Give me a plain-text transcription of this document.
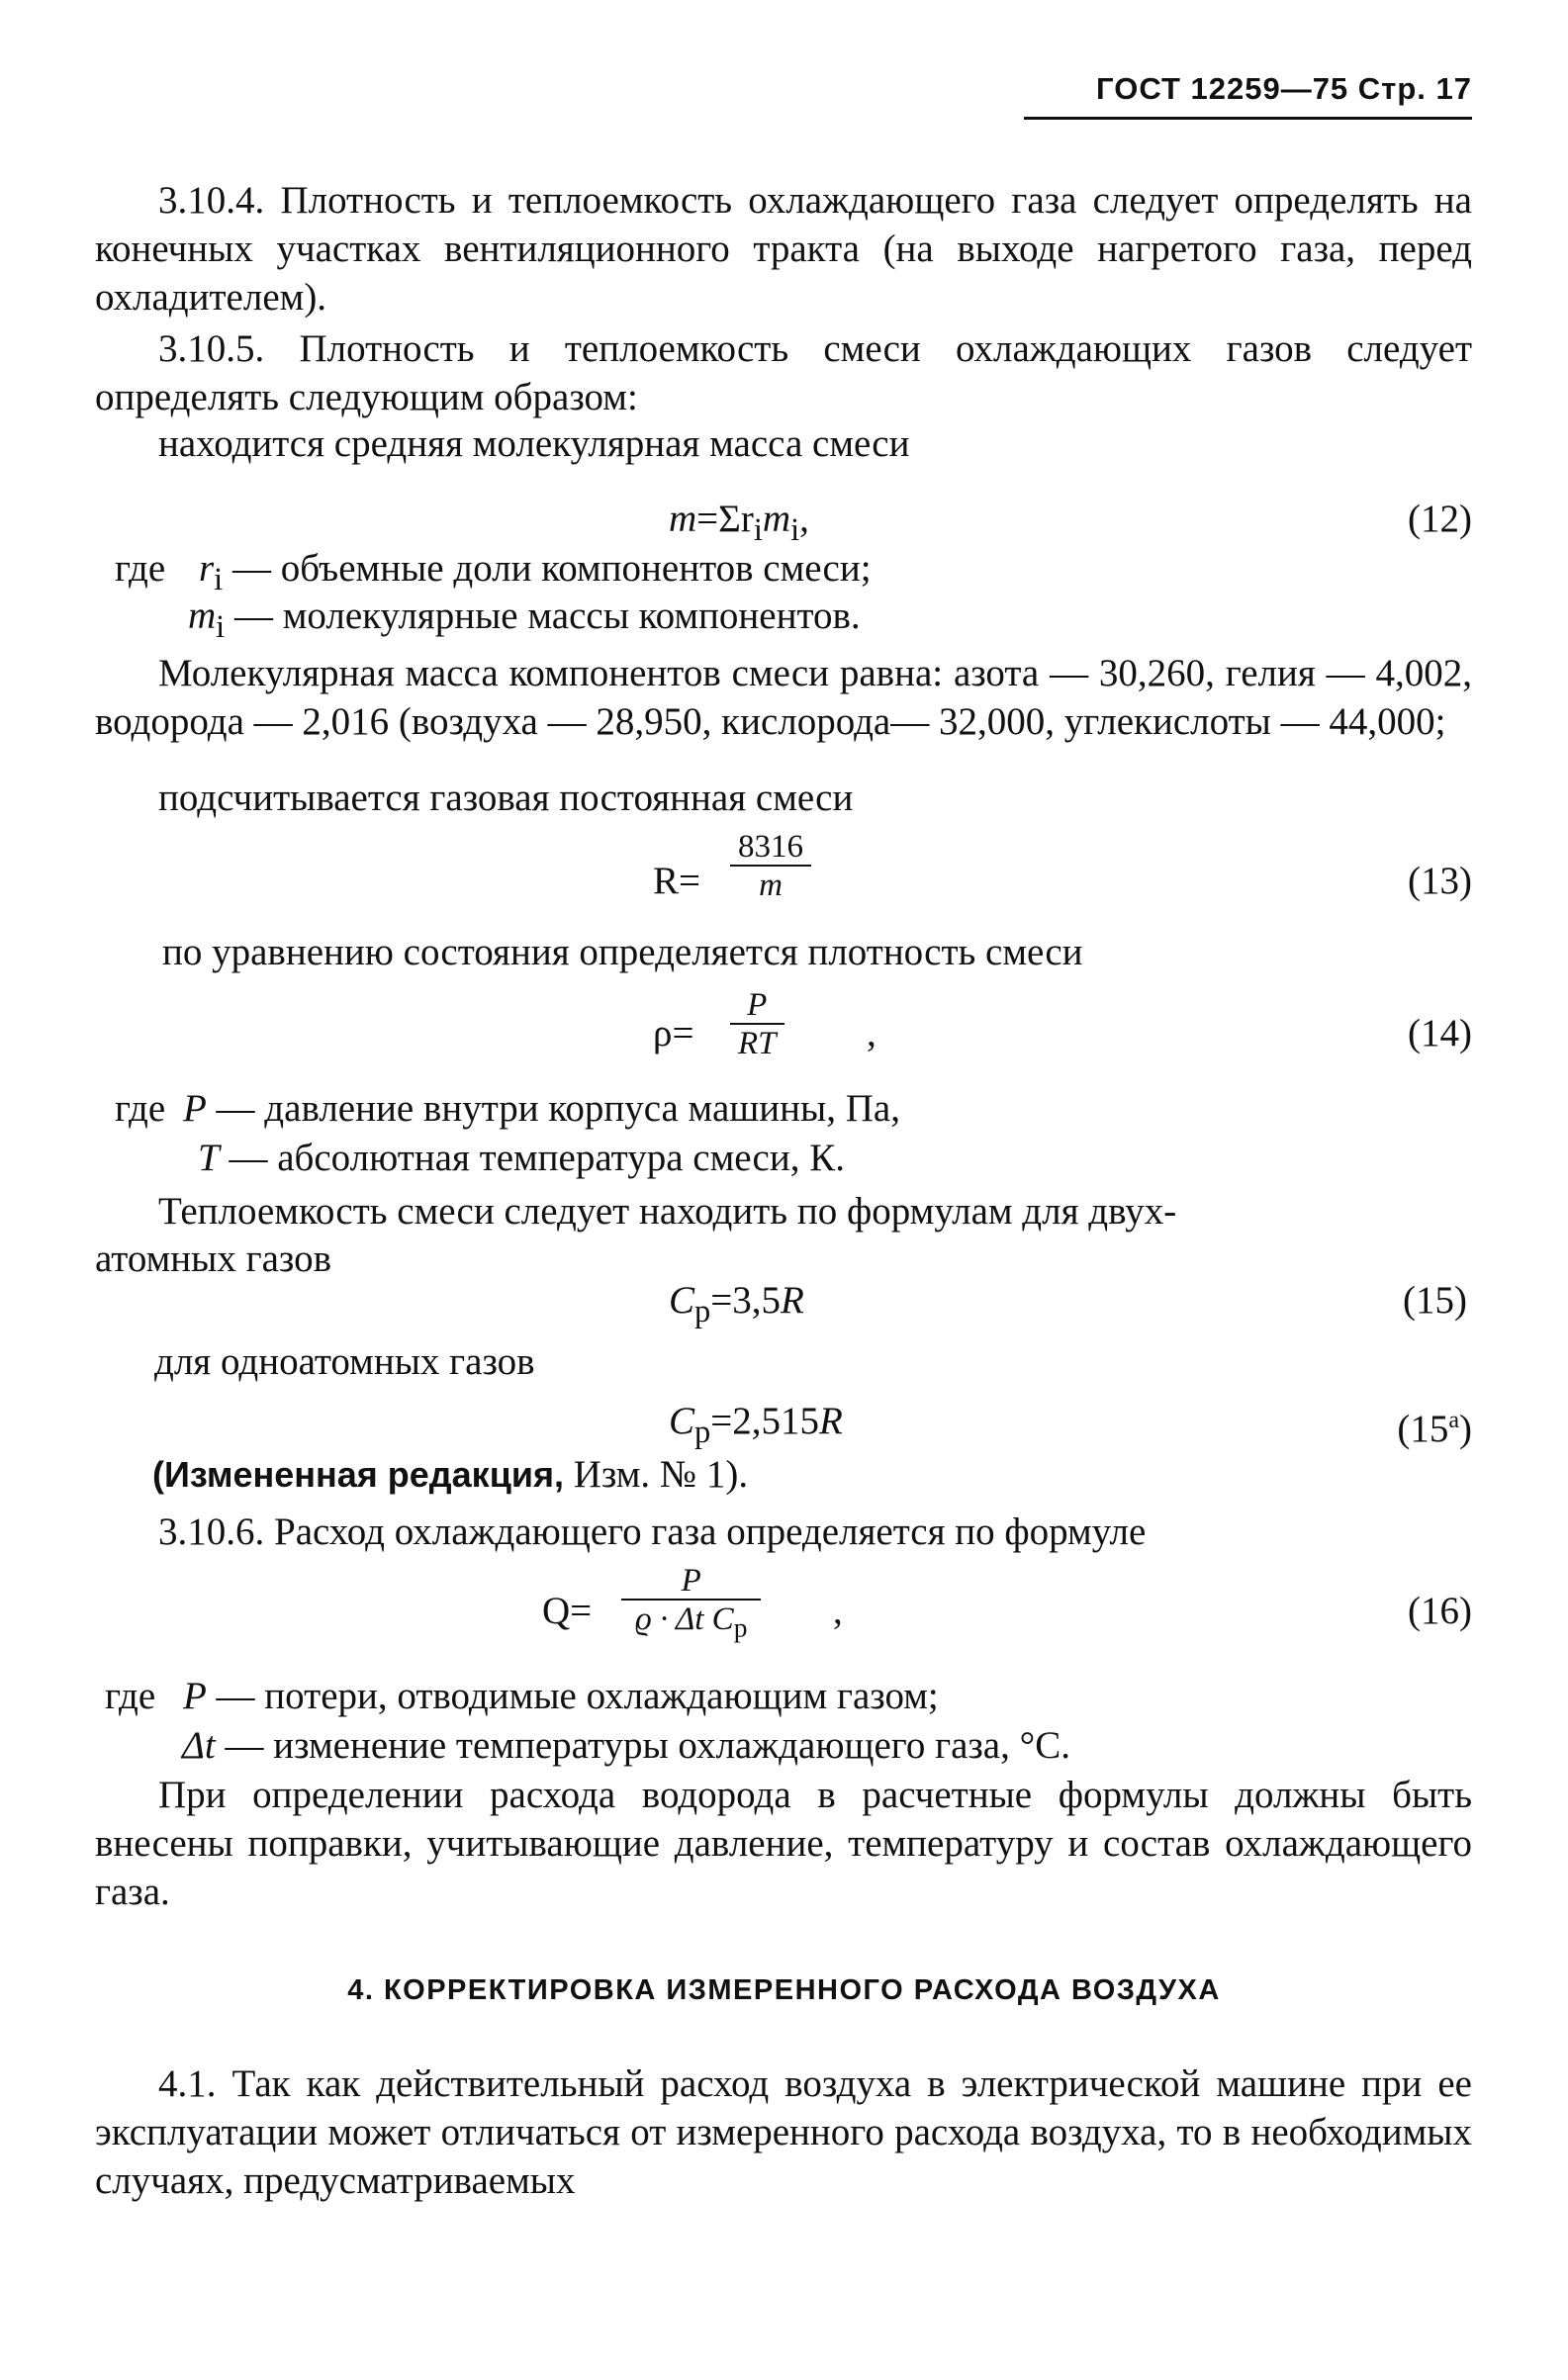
ГОСТ 12259—75 Стр. 17
3.10.4. Плотность и теплоемкость охлаждающего газа следует определять на конечных участках вентиляционного тракта (на выходе нагретого газа, перед охладителем).
3.10.5. Плотность и теплоемкость смеси охлаждающих газов следует определять следующим образом:
находится средняя молекулярная масса смеси
$m=\Sigma r_im_i$,	(12)
где $r_i$ — объемные доли компонентов смеси;
$m_i$ — молекулярные массы компонентов.
Молекулярная масса компонентов смеси равна: азота — 30,260, гелия — 4,002, водорода — 2,016 (воздуха — 28,950, кислорода— 32,000, углекислоты — 44,000;
подсчитывается газовая постоянная смеси
R=
8316
m	(13)
по уравнению состояния определяется плотность смеси
ρ=
P
RT ,	(14)
где P — давление внутри корпуса машины, Па,
T — абсолютная температура смеси, К.
Теплоемкость смеси следует находить по формулам для двух-
атомных газов
$C_p=3,5R$	(15)
для одноатомных газов
$C_p=2,515R$	$(15^а)$
(Измененная редакция, Изм. № 1).
3.10.6. Расход охлаждающего газа определяется по формуле
Q=
P
ϱ · Δt $C_p$	,	(16)
где P — потери, отводимые охлаждающим газом;
Δt — изменение температуры охлаждающего газа, °С.
При определении расхода водорода в расчетные формулы должны быть внесены поправки, учитывающие давление, температуру и состав охлаждающего газа.
4. КОРРЕКТИРОВКА ИЗМЕРЕННОГО РАСХОДА ВОЗДУХА
4.1. Так как действительный расход воздуха в электрической машине при ее эксплуатации может отличаться от измеренного расхода воздуха, то в необходимых случаях, предусматриваемых
